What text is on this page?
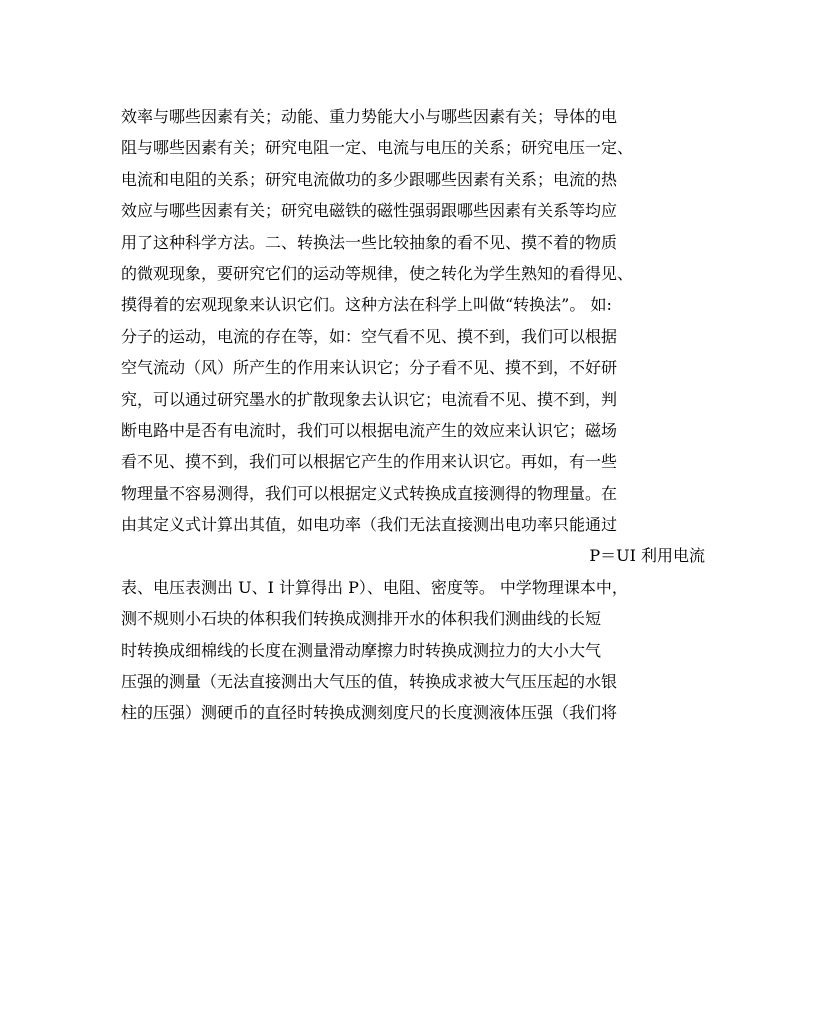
效率与哪些因素有关；动能、重力势能大小与哪些因素有关；导体的电
阻与哪些因素有关；研究电阻一定、电流与电压的关系；研究电压一定、
电流和电阻的关系；研究电流做功的多少跟哪些因素有关系；电流的热
效应与哪些因素有关；研究电磁铁的磁性强弱跟哪些因素有关系等均应
用了这种科学方法。二、转换法一些比较抽象的看不见、摸不着的物质
的微观现象，要研究它们的运动等规律，使之转化为学生熟知的看得见、
摸得着的宏观现象来认识它们。这种方法在科学上叫做“转换法”。 如:
分子的运动，电流的存在等，如：空气看不见、摸不到，我们可以根据
空气流动（风）所产生的作用来认识它；分子看不见、摸不到，不好研
究，可以通过研究墨水的扩散现象去认识它；电流看不见、摸不到，判
断电路中是否有电流时，我们可以根据电流产生的效应来认识它；磁场
看不见、摸不到，我们可以根据它产生的作用来认识它。再如，有一些
物理量不容易测得，我们可以根据定义式转换成直接测得的物理量。在
由其定义式计算出其值，如电功率（我们无法直接测出电功率只能通过
P＝UI 利用电流
表、电压表测出 U、I 计算得出 P）、电阻、密度等。 中学物理课本中，
测不规则小石块的体积我们转换成测排开水的体积我们测曲线的长短
时转换成细棉线的长度在测量滑动摩擦力时转换成测拉力的大小大气
压强的测量（无法直接测出大气压的值，转换成求被大气压压起的水银
柱的压强）测硬币的直径时转换成测刻度尺的长度测液体压强（我们将
